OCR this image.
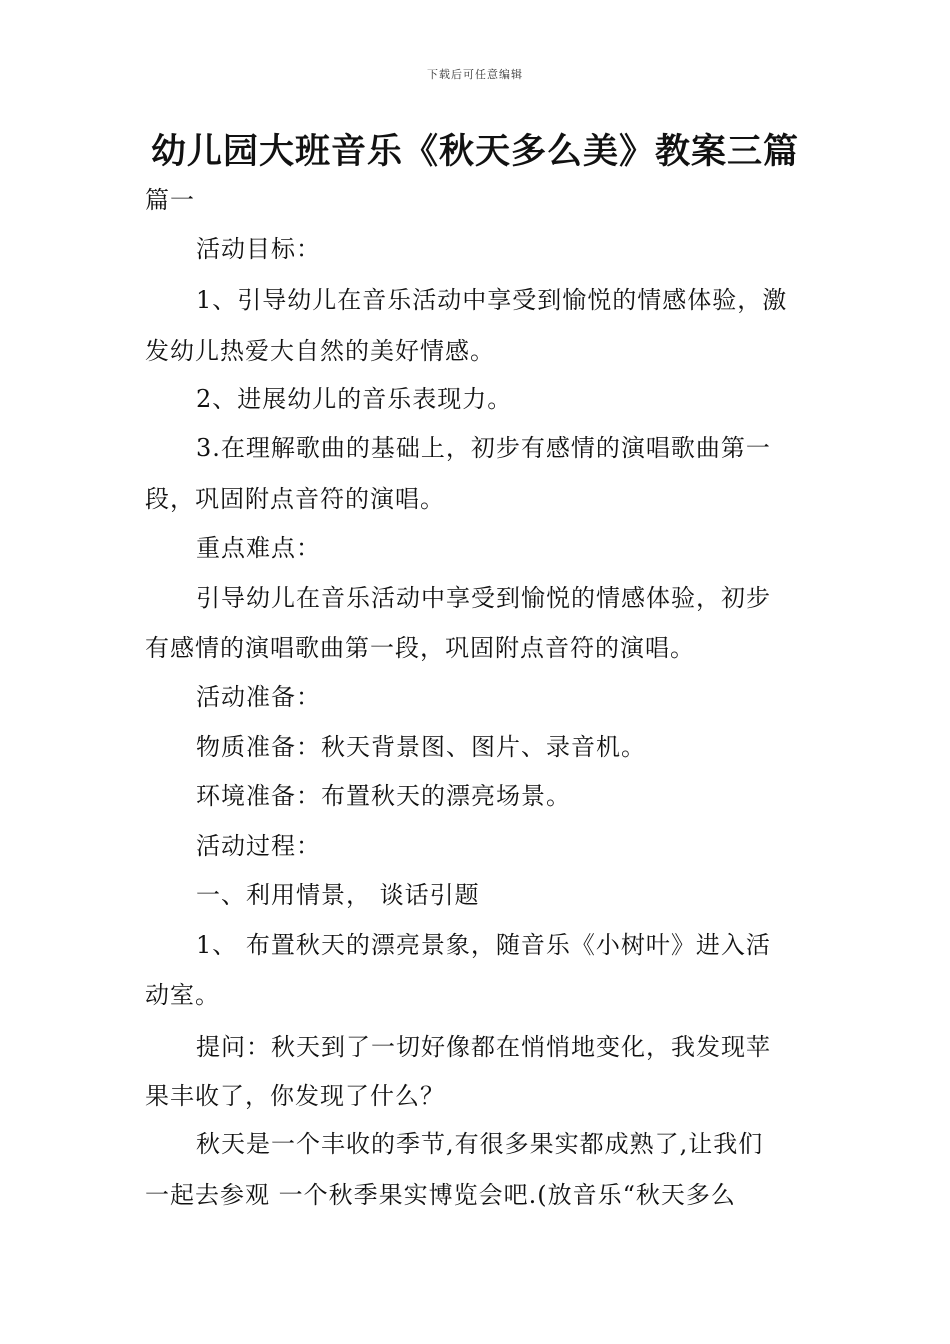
下载后可任意编辑
幼儿园大班音乐《秋天多么美》教案三篇

篇一

活动目标：

1、引导幼儿在音乐活动中享受到愉悦的情感体验，激

发幼儿热爱大自然的美好情感。

2、进展幼儿的音乐表现力。

3.在理解歌曲的基础上，初步有感情的演唱歌曲第一

段，巩固附点音符的演唱。

重点难点：

引导幼儿在音乐活动中享受到愉悦的情感体验，初步

有感情的演唱歌曲第一段，巩固附点音符的演唱。

活动准备：

物质准备：秋天背景图、图片、录音机。

环境准备：布置秋天的漂亮场景。

活动过程：

一、利用情景， 谈话引题

1、 布置秋天的漂亮景象，随音乐《小树叶》进入活

动室。

提问：秋天到了一切好像都在悄悄地变化，我发现苹

果丰收了，你发现了什么？

秋天是一个丰收的季节,有很多果实都成熟了,让我们

一起去参观 一个秋季果实博览会吧.(放音乐“秋天多么
